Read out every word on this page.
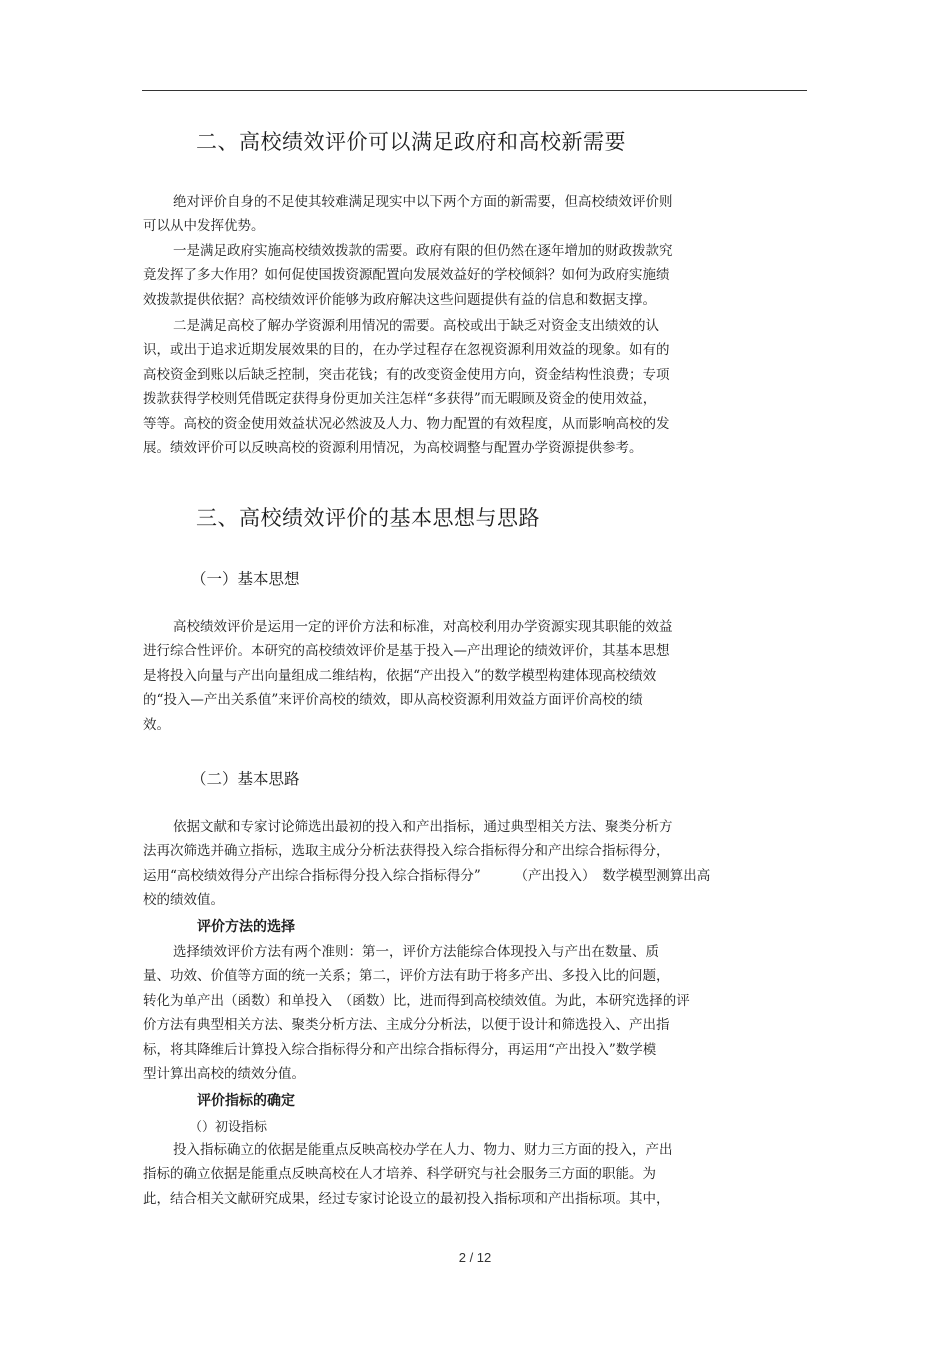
二、高校绩效评价可以满足政府和高校新需要
绝对评价自身的不足使其较难满足现实中以下两个方面的新需要，但高校绩效评价则
可以从中发挥优势。
一是满足政府实施高校绩效拨款的需要。政府有限的但仍然在逐年增加的财政拨款究
竟发挥了多大作用？如何促使国拨资源配置向发展效益好的学校倾斜？如何为政府实施绩
效拨款提供依据？高校绩效评价能够为政府解决这些问题提供有益的信息和数据支撑。
二是满足高校了解办学资源利用情况的需要。高校或出于缺乏对资金支出绩效的认
识，或出于追求近期发展效果的目的，在办学过程存在忽视资源利用效益的现象。如有的
高校资金到账以后缺乏控制，突击花钱；有的改变资金使用方向，资金结构性浪费；专项
拨款获得学校则凭借既定获得身份更加关注怎样“多获得”而无暇顾及资金的使用效益，
等等。高校的资金使用效益状况必然波及人力、物力配置的有效程度，从而影响高校的发
展。绩效评价可以反映高校的资源利用情况，为高校调整与配置办学资源提供参考。
三、高校绩效评价的基本思想与思路
（一）基本思想
高校绩效评价是运用一定的评价方法和标准，对高校利用办学资源实现其职能的效益
进行综合性评价。本研究的高校绩效评价是基于投入—产出理论的绩效评价，其基本思想
是将投入向量与产出向量组成二维结构，依据“产出投入”的数学模型构建体现高校绩效
的“投入—产出关系值”来评价高校的绩效，即从高校资源利用效益方面评价高校的绩
效。
（二）基本思路
依据文献和专家讨论筛选出最初的投入和产出指标，通过典型相关方法、聚类分析方
法再次筛选并确立指标，选取主成分分析法获得投入综合指标得分和产出综合指标得分，
运用“高校绩效得分产出综合指标得分投入综合指标得分”　　　（产出投入）　数学模型测算出高
校的绩效值。
评价方法的选择
选择绩效评价方法有两个准则：第一，评价方法能综合体现投入与产出在数量、质
量、功效、价值等方面的统一关系；第二，评价方法有助于将多产出、多投入比的问题，
转化为单产出（函数）和单投入　（函数）比，进而得到高校绩效值。为此，本研究选择的评
价方法有典型相关方法、聚类分析方法、主成分分析法，以便于设计和筛选投入、产出指
标，将其降维后计算投入综合指标得分和产出综合指标得分，再运用“产出投入”数学模
型计算出高校的绩效分值。
评价指标的确定
（）初设指标
投入指标确立的依据是能重点反映高校办学在人力、物力、财力三方面的投入，产出
指标的确立依据是能重点反映高校在人才培养、科学研究与社会服务三方面的职能。为
此，结合相关文献研究成果，经过专家讨论设立的最初投入指标项和产出指标项。其中，
2 / 12
